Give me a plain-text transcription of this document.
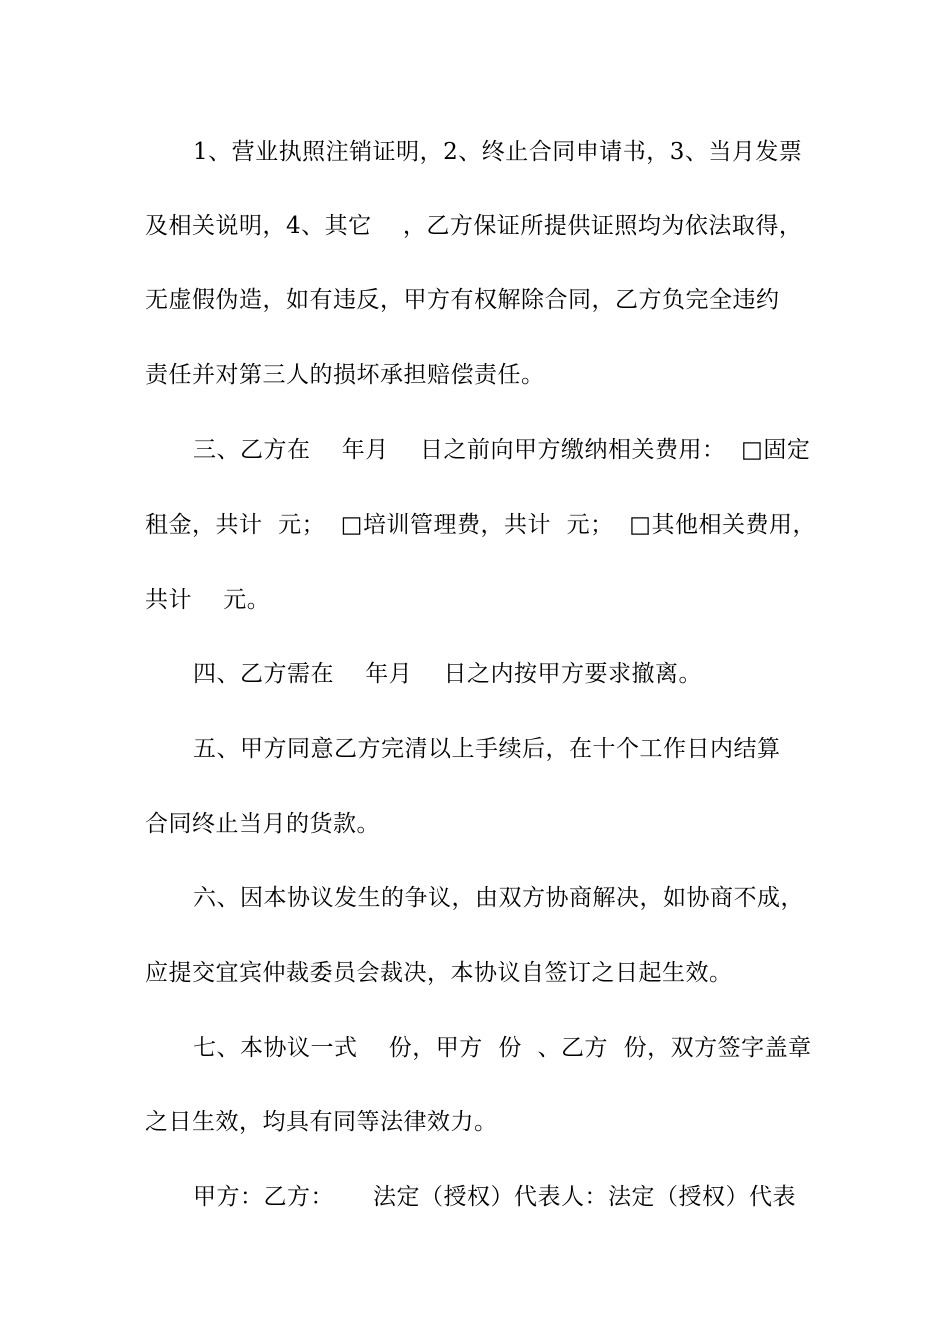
1、营业执照注销证明，2、终止合同申请书，3、当月发票
及相关说明，4、其它    ，乙方保证所提供证照均为依法取得，
无虚假伪造，如有违反，甲方有权解除合同，乙方负完全违约
责任并对第三人的损坏承担赔偿责任。
三、乙方在    年月    日之前向甲方缴纳相关费用：  □固定
租金，共计  元；  □培训管理费，共计  元；  □其他相关费用，
共计    元。
四、乙方需在    年月    日之内按甲方要求撤离。
五、甲方同意乙方完清以上手续后，在十个工作日内结算
合同终止当月的货款。
六、因本协议发生的争议，由双方协商解决，如协商不成，
应提交宜宾仲裁委员会裁决，本协议自签订之日起生效。
七、本协议一式    份，甲方  份  、乙方  份，双方签字盖章
之日生效，均具有同等法律效力。
甲方：乙方：     法定（授权）代表人：法定（授权）代表
